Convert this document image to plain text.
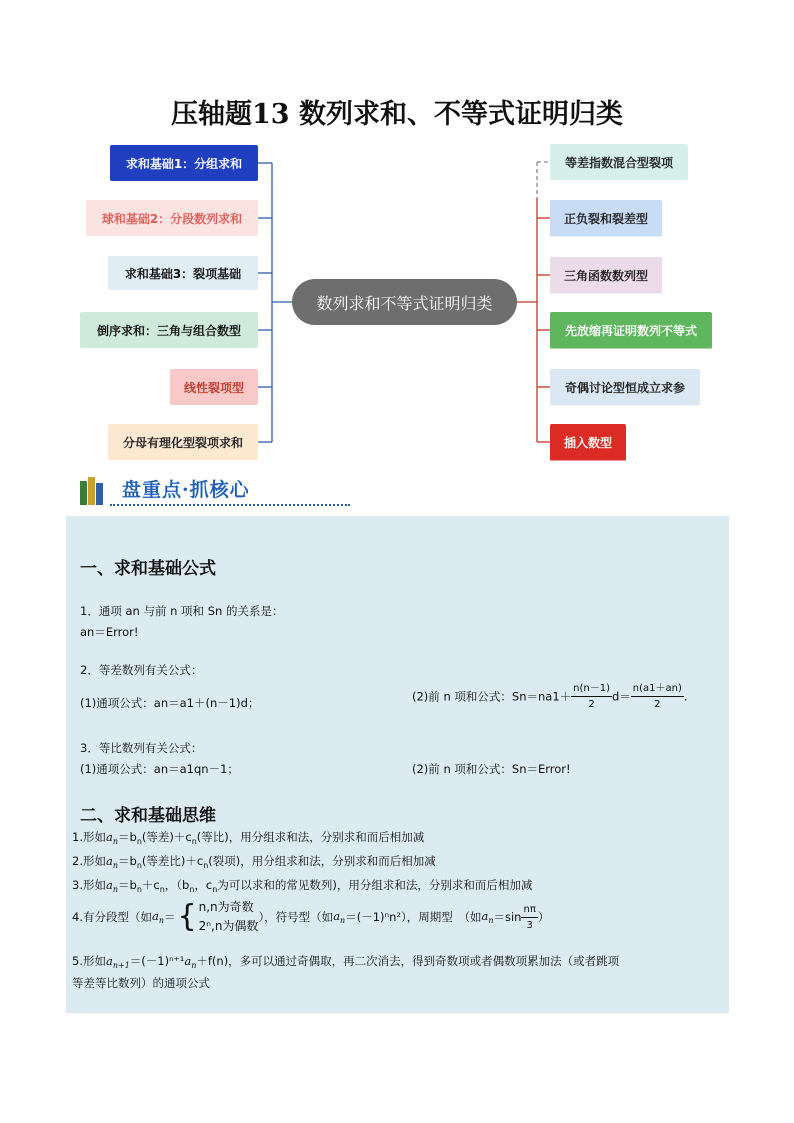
压轴题13 数列求和、不等式证明归类
求和基础1：分组求和
球和基础2：分段数列求和
求和基础3：裂项基础
倒序求和：三角与组合数型
线性裂项型
分母有理化型裂项求和
等差指数混合型裂项
正负裂和裂差型
三角函数数列型
先放缩再证明数列不等式
奇偶讨论型恒成立求参
插入数型
数列求和不等式证明归类
盘重点·抓核心
一、求和基础公式
1．通项 an 与前 n 项和 Sn 的关系是：
an＝Error!
2．等差数列有关公式：
(1)通项公式：an＝a1＋(n－1)d；	(2)前 n 项和公式：$Sn=na1+ \frac{n(n-1)}{2} d= \frac{n(a1+an)}{2}$ .
3．等比数列有关公式：
(1)通项公式：an＝a1qn－1；	(2)前 n 项和公式：Sn＝Error!
二、求和基础思维
1.形如$a_n=b_n$(等差)$+c_n$(等比)，用分组求和法，分别求和而后相加减
2.形如$a_n=b_n$(等差比)$+c_n$(裂项)，用分组求和法，分别求和而后相加减
3.形如$a_n=b_n+c_n$，（$b_n$，$c_n$为可以求和的常见数列)，用分组求和法，分别求和而后相加减
4.有分段型（如$a_n=${ n,n为奇数
2ⁿ,n为偶数
），符号型（如$a_n=(-1)^nn^2$），周期型　（如$a_n=\sin \frac{n\pi}{3}$ ）
5.形如$a_{n+1}=(-1)^{n+1}a_n+f(n)$，多可以通过奇偶取，再二次消去，得到奇数项或者偶数项累加法（或者跳项
等差等比数列）的通项公式
